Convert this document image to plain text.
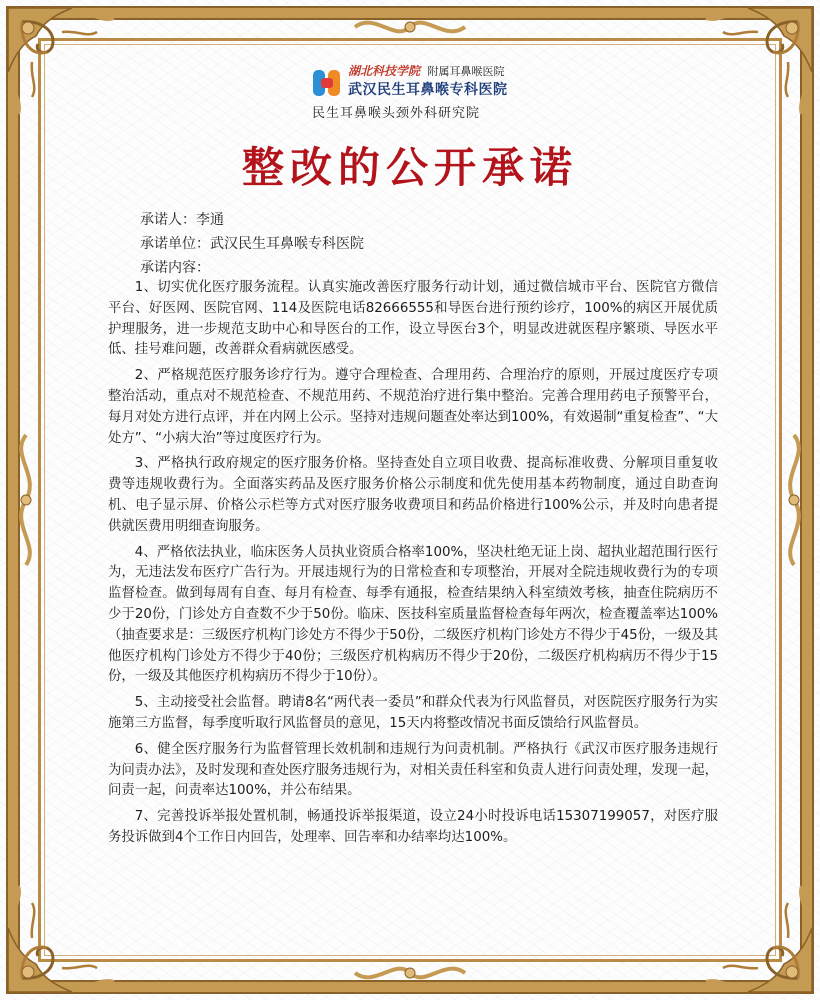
湖北科技学院 附属耳鼻喉医院
武汉民生耳鼻喉专科医院
民生耳鼻喉头颈外科研究院
整改的公开承诺
承诺人：李通
承诺单位：武汉民生耳鼻喉专科医院
承诺内容：

1、切实优化医疗服务流程。认真实施改善医疗服务行动计划，通过微信城市平台、医院官方微信平台、好医网、医院官网、114及医院电话82666555和导医台进行预约诊疗，100%的病区开展优质护理服务，进一步规范支助中心和导医台的工作，设立导医台3个，明显改进就医程序繁琐、导医水平低、挂号难问题，改善群众看病就医感受。

2、严格规范医疗服务诊疗行为。遵守合理检查、合理用药、合理治疗的原则，开展过度医疗专项整治活动，重点对不规范检查、不规范用药、不规范治疗进行集中整治。完善合理用药电子预警平台，每月对处方进行点评，并在内网上公示。坚持对违规问题查处率达到100%，有效遏制“重复检查”、“大处方”、“小病大治”等过度医疗行为。

3、严格执行政府规定的医疗服务价格。坚持查处自立项目收费、提高标准收费、分解项目重复收费等违规收费行为。全面落实药品及医疗服务价格公示制度和优先使用基本药物制度，通过自助查询机、电子显示屏、价格公示栏等方式对医疗服务收费项目和药品价格进行100%公示，并及时向患者提供就医费用明细查询服务。

4、严格依法执业，临床医务人员执业资质合格率100%，坚决杜绝无证上岗、超执业超范围行医行为，无违法发布医疗广告行为。开展违规行为的日常检查和专项整治，开展对全院违规收费行为的专项监督检查。做到每周有自查、每月有检查、每季有通报，检查结果纳入科室绩效考核，抽查住院病历不少于20份，门诊处方自查数不少于50份。临床、医技科室质量监督检查每年两次，检查覆盖率达100%（抽查要求是：三级医疗机构门诊处方不得少于50份，二级医疗机构门诊处方不得少于45份，一级及其他医疗机构门诊处方不得少于40份；三级医疗机构病历不得少于20份，二级医疗机构病历不得少于15份，一级及其他医疗机构病历不得少于10份）。

5、主动接受社会监督。聘请8名“两代表一委员”和群众代表为行风监督员，对医院医疗服务行为实施第三方监督，每季度听取行风监督员的意见，15天内将整改情况书面反馈给行风监督员。

6、健全医疗服务行为监督管理长效机制和违规行为问责机制。严格执行《武汉市医疗服务违规行为问责办法》，及时发现和查处医疗服务违规行为，对相关责任科室和负责人进行问责处理，发现一起，问责一起，问责率达100%，并公布结果。

7、完善投诉举报处置机制，畅通投诉举报渠道，设立24小时投诉电话15307199057，对医疗服务投诉做到4个工作日内回告，处理率、回告率和办结率均达100%。
